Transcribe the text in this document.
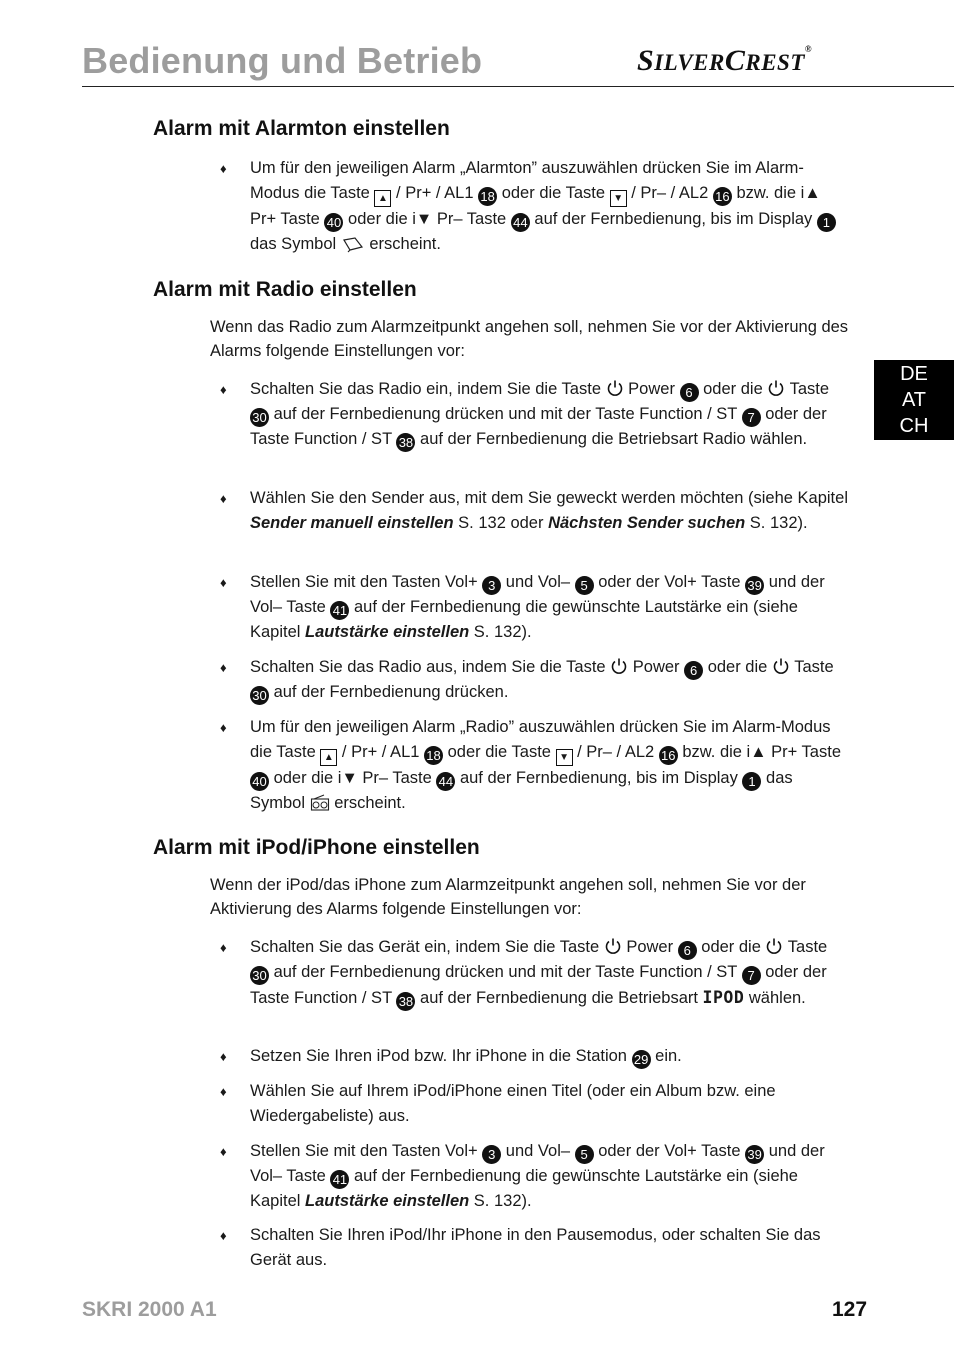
Bedienung und Betrieb	SILVERCREST®
DE
AT
CH
Alarm mit Alarmton einstellen
♦ Um für den jeweiligen Alarm „Alarmton” auszuwählen drücken Sie im Alarm-Modus die Taste ▲ / Pr+ / AL1 18 oder die Taste ▼ / Pr– / AL2 16 bzw. die i▲ Pr+ Taste 40 oder die i▼ Pr– Taste 44 auf der Fernbedienung, bis im Display 1 das Symbol  erscheint.
Alarm mit Radio einstellen
Wenn das Radio zum Alarmzeitpunkt angehen soll, nehmen Sie vor der Aktivierung des Alarms folgende Einstellungen vor:
♦ Schalten Sie das Radio ein, indem Sie die Taste  Power 6 oder die  Taste 30 auf der Fernbedienung drücken und mit der Taste Function / ST 7 oder der Taste Function / ST 38 auf der Fernbedienung die Betriebsart Radio wählen.
♦ Wählen Sie den Sender aus, mit dem Sie geweckt werden möchten (siehe Kapitel Sender manuell einstellen S. 132 oder Nächsten Sender suchen S. 132).
♦ Stellen Sie mit den Tasten Vol+ 3 und Vol– 5 oder der Vol+ Taste 39 und der Vol– Taste 41 auf der Fernbedienung die gewünschte Lautstärke ein (siehe Kapitel Lautstärke einstellen S. 132).
♦ Schalten Sie das Radio aus, indem Sie die Taste  Power 6 oder die  Taste 30 auf der Fernbedienung drücken.
♦ Um für den jeweiligen Alarm „Radio” auszuwählen drücken Sie im Alarm-Modus die Taste ▲ / Pr+ / AL1 18 oder die Taste ▼ / Pr– / AL2 16 bzw. die i▲ Pr+ Taste 40 oder die i▼ Pr– Taste 44 auf der Fernbedienung, bis im Display 1 das Symbol  erscheint.
Alarm mit iPod/iPhone einstellen
Wenn der iPod/das iPhone zum Alarmzeitpunkt angehen soll, nehmen Sie vor der Aktivierung des Alarms folgende Einstellungen vor:
♦ Schalten Sie das Gerät ein, indem Sie die Taste  Power 6 oder die  Taste 30 auf der Fernbedienung drücken und mit der Taste Function / ST 7 oder der Taste Function / ST 38 auf der Fernbedienung die Betriebsart IPOD wählen.
♦ Setzen Sie Ihren iPod bzw. Ihr iPhone in die Station 29 ein.
♦ Wählen Sie auf Ihrem iPod/iPhone einen Titel (oder ein Album bzw. eine Wiedergabeliste) aus.
♦ Stellen Sie mit den Tasten Vol+ 3 und Vol– 5 oder der Vol+ Taste 39 und der Vol– Taste 41 auf der Fernbedienung die gewünschte Lautstärke ein (siehe Kapitel Lautstärke einstellen S. 132).
♦ Schalten Sie Ihren iPod/Ihr iPhone in den Pausemodus, oder schalten Sie das Gerät aus.
SKRI 2000 A1	127
